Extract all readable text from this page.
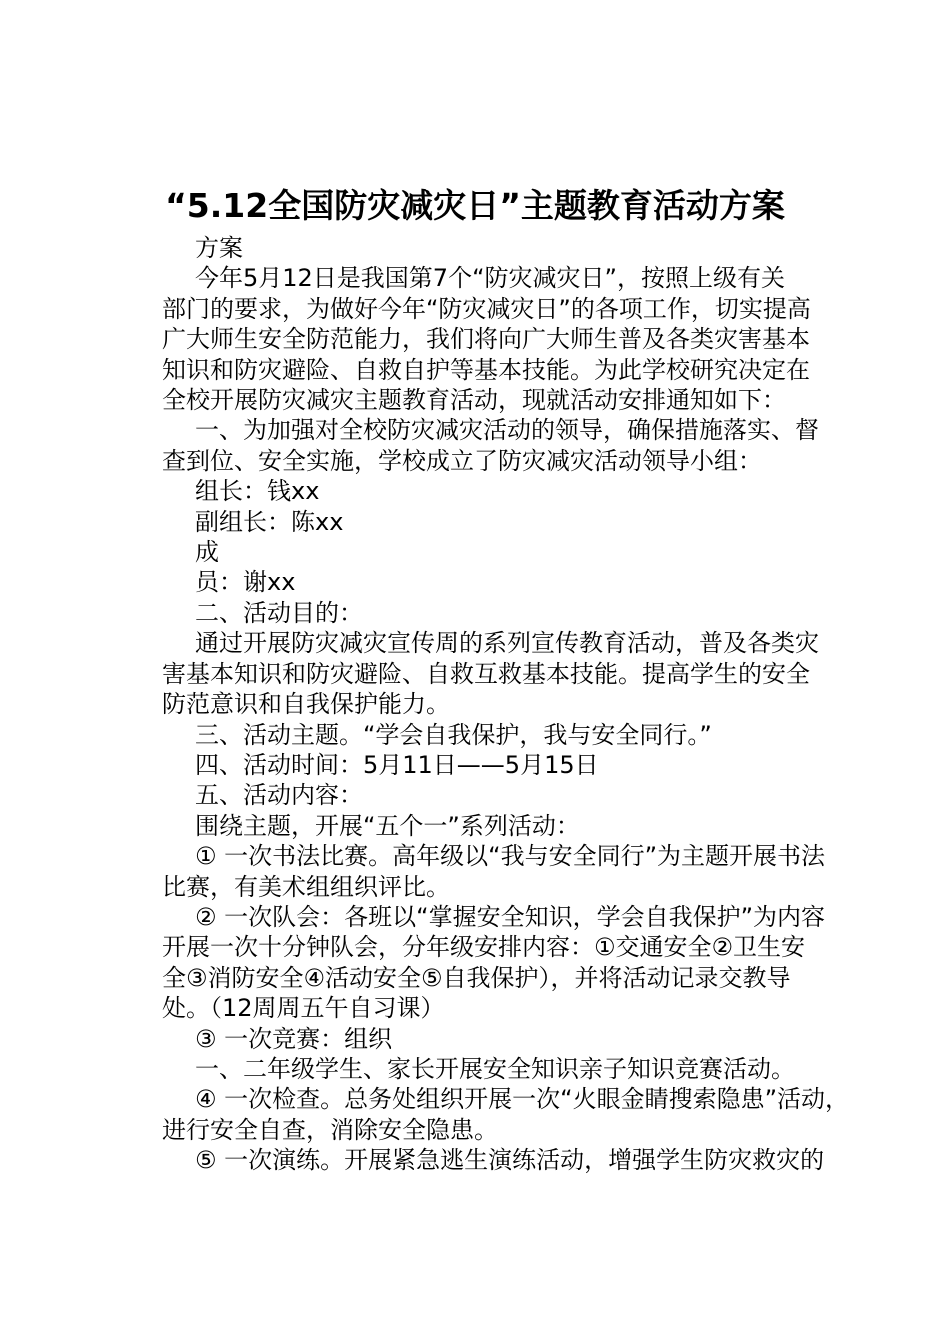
“5.12全国防灾减灾日”主题教育活动方案
方案
今年5月12日是我国第7个“防灾减灾日”，按照上级有关
部门的要求，为做好今年“防灾减灾日”的各项工作，切实提高
广大师生安全防范能力，我们将向广大师生普及各类灾害基本
知识和防灾避险、自救自护等基本技能。为此学校研究决定在
全校开展防灾减灾主题教育活动，现就活动安排通知如下：
一、为加强对全校防灾减灾活动的领导，确保措施落实、督
查到位、安全实施，学校成立了防灾减灾活动领导小组：
组长：钱xx
副组长：陈xx
成
员：谢xx
二、活动目的：
通过开展防灾减灾宣传周的系列宣传教育活动，普及各类灾
害基本知识和防灾避险、自救互救基本技能。提高学生的安全
防范意识和自我保护能力。
三、活动主题。“学会自我保护，我与安全同行。”
四、活动时间：5月11日——5月15日
五、活动内容：
围绕主题，开展“五个一”系列活动：
① 一次书法比赛。高年级以“我与安全同行”为主题开展书法
比赛，有美术组组织评比。
② 一次队会：各班以“掌握安全知识，学会自我保护”为内容
开展一次十分钟队会，分年级安排内容：①交通安全②卫生安
全③消防安全④活动安全⑤自我保护），并将活动记录交教导
处。（12周周五午自习课）
③ 一次竞赛：组织
一、二年级学生、家长开展安全知识亲子知识竞赛活动。
④ 一次检查。总务处组织开展一次“火眼金睛搜索隐患”活动，
进行安全自查，消除安全隐患。
⑤ 一次演练。开展紧急逃生演练活动，增强学生防灾救灾的
